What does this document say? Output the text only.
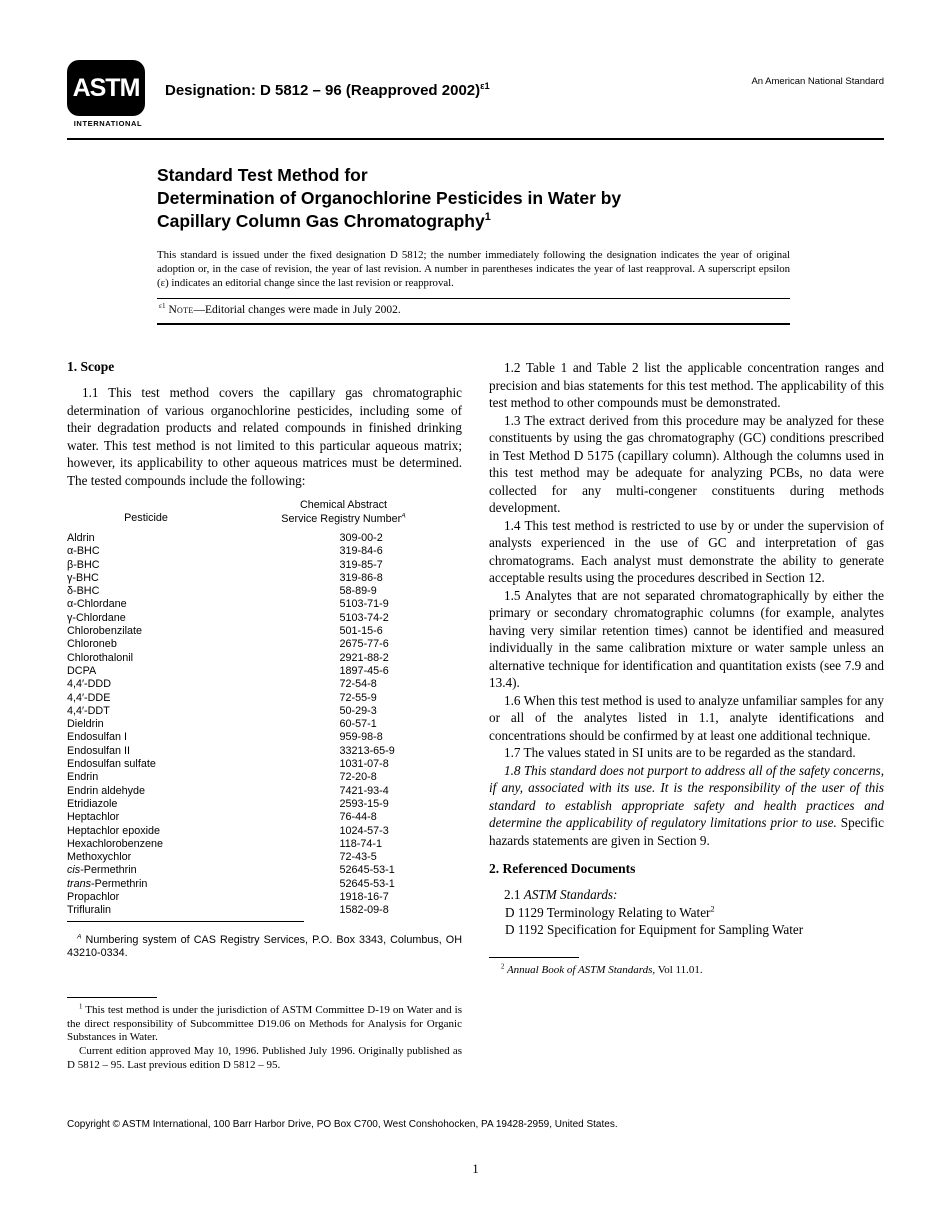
ASTM
INTERNATIONAL
Designation: D 5812 – 96 (Reapproved 2002)$^{\varepsilon 1}$	An American National Standard
Standard Test Method for
Determination of Organochlorine Pesticides in Water by
Capillary Column Gas Chromatography$^1$

This standard is issued under the fixed designation D 5812; the number immediately following the designation indicates the year of original adoption or, in the case of revision, the year of last revision. A number in parentheses indicates the year of last reapproval. A superscript epsilon (ε) indicates an editorial change since the last revision or reapproval.

$^{\varepsilon 1}$ Note—Editorial changes were made in July 2002.
1. Scope

1.1 This test method covers the capillary gas chromatographic determination of various organochlorine pesticides, including some of their degradation products and related compounds in finished drinking water. This test method is not limited to this particular aqueous matrix; however, its applicability to other aqueous matrices must be determined. The tested compounds include the following:

Pesticide
Chemical Abstract
Service Registry Number$^A$
Aldrin	309-00-2
α-BHC	319-84-6
β-BHC	319-85-7
γ-BHC	319-86-8
δ-BHC	58-89-9
α-Chlordane	5103-71-9
γ-Chlordane	5103-74-2
Chlorobenzilate	501-15-6
Chloroneb	2675-77-6
Chlorothalonil	2921-88-2
DCPA	1897-45-6
4,4′-DDD	72-54-8
4,4′-DDE	72-55-9
4,4′-DDT	50-29-3
Dieldrin	60-57-1
Endosulfan I	959-98-8
Endosulfan II	33213-65-9
Endosulfan sulfate	1031-07-8
Endrin	72-20-8
Endrin aldehyde	7421-93-4
Etridiazole	2593-15-9
Heptachlor	76-44-8
Heptachlor epoxide	1024-57-3
Hexachlorobenzene	118-74-1
Methoxychlor	72-43-5
cis-Permethrin	52645-53-1
trans-Permethrin	52645-53-1
Propachlor	1918-16-7
Trifluralin	1582-09-8

$^A$ Numbering system of CAS Registry Services, P.O. Box 3343, Columbus, OH 43210-0334.

$^1$ This test method is under the jurisdiction of ASTM Committee D-19 on Water and is the direct responsibility of Subcommittee D19.06 on Methods for Analysis for Organic Substances in Water.

Current edition approved May 10, 1996. Published July 1996. Originally published as D 5812 – 95. Last previous edition D 5812 – 95.

1.2 Table 1 and Table 2 list the applicable concentration ranges and precision and bias statements for this test method. The applicability of this test method to other compounds must be demonstrated.

1.3 The extract derived from this procedure may be analyzed for these constituents by using the gas chromatography (GC) conditions prescribed in Test Method D 5175 (capillary column). Although the columns used in this test method may be adequate for analyzing PCBs, no data were collected for any multi-congener constituents during methods development.

1.4 This test method is restricted to use by or under the supervision of analysts experienced in the use of GC and interpretation of gas chromatograms. Each analyst must demonstrate the ability to generate acceptable results using the procedures described in Section 12.

1.5 Analytes that are not separated chromatographically by either the primary or secondary chromatographic columns (for example, analytes having very similar retention times) cannot be identified and measured individually in the same calibration mixture or water sample unless an alternative technique for identification and quantitation exists (see 7.9 and 13.4).

1.6 When this test method is used to analyze unfamiliar samples for any or all of the analytes listed in 1.1, analyte identifications and concentrations should be confirmed by at least one additional technique.

1.7 The values stated in SI units are to be regarded as the standard.

1.8 This standard does not purport to address all of the safety concerns, if any, associated with its use. It is the responsibility of the user of this standard to establish appropriate safety and health practices and determine the applicability of regulatory limitations prior to use. Specific hazards statements are given in Section 9.

2. Referenced Documents

2.1 ASTM Standards:

D 1129 Terminology Relating to Water$^2$

D 1192 Specification for Equipment for Sampling Water

$^2$ Annual Book of ASTM Standards, Vol 11.01.

Copyright © ASTM International, 100 Barr Harbor Drive, PO Box C700, West Conshohocken, PA 19428-2959, United States.

1
